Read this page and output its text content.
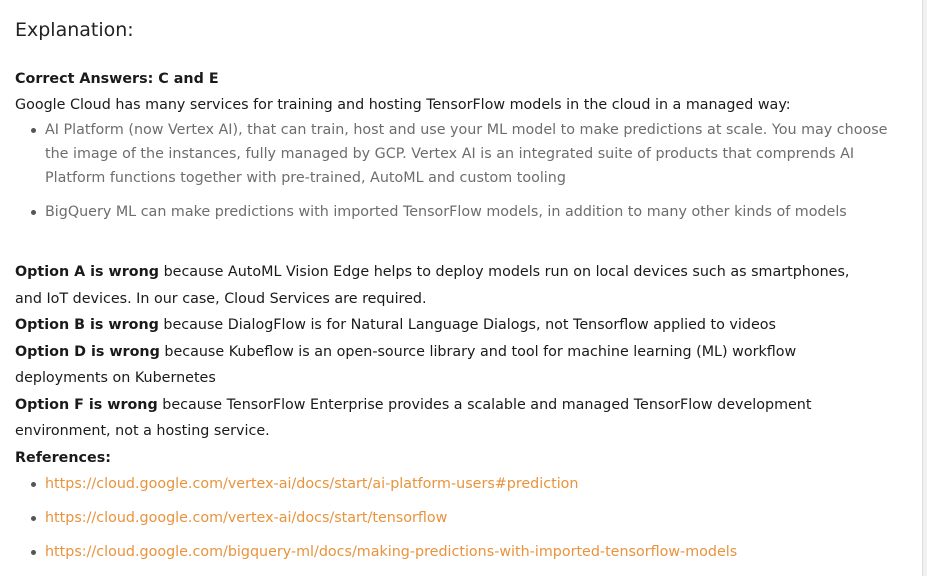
Explanation:
Correct Answers: C and E
Google Cloud has many services for training and hosting TensorFlow models in the cloud in a managed way:
AI Platform (now Vertex AI), that can train, host and use your ML model to make predictions at scale. You may choose the image of the instances, fully managed by GCP. Vertex AI is an integrated suite of products that comprends AI Platform functions together with pre-trained, AutoML and custom tooling
BigQuery ML can make predictions with imported TensorFlow models, in addition to many other kinds of models
Option A is wrong because AutoML Vision Edge helps to deploy models run on local devices such as smartphones, and IoT devices. In our case, Cloud Services are required.
Option B is wrong because DialogFlow is for Natural Language Dialogs, not Tensorflow applied to videos
Option D is wrong because Kubeflow is an open-source library and tool for machine learning (ML) workflow deployments on Kubernetes
Option F is wrong because TensorFlow Enterprise provides a scalable and managed TensorFlow development environment, not a hosting service.
References:
https://cloud.google.com/vertex-ai/docs/start/ai-platform-users#prediction
https://cloud.google.com/vertex-ai/docs/start/tensorflow
https://cloud.google.com/bigquery-ml/docs/making-predictions-with-imported-tensorflow-models
